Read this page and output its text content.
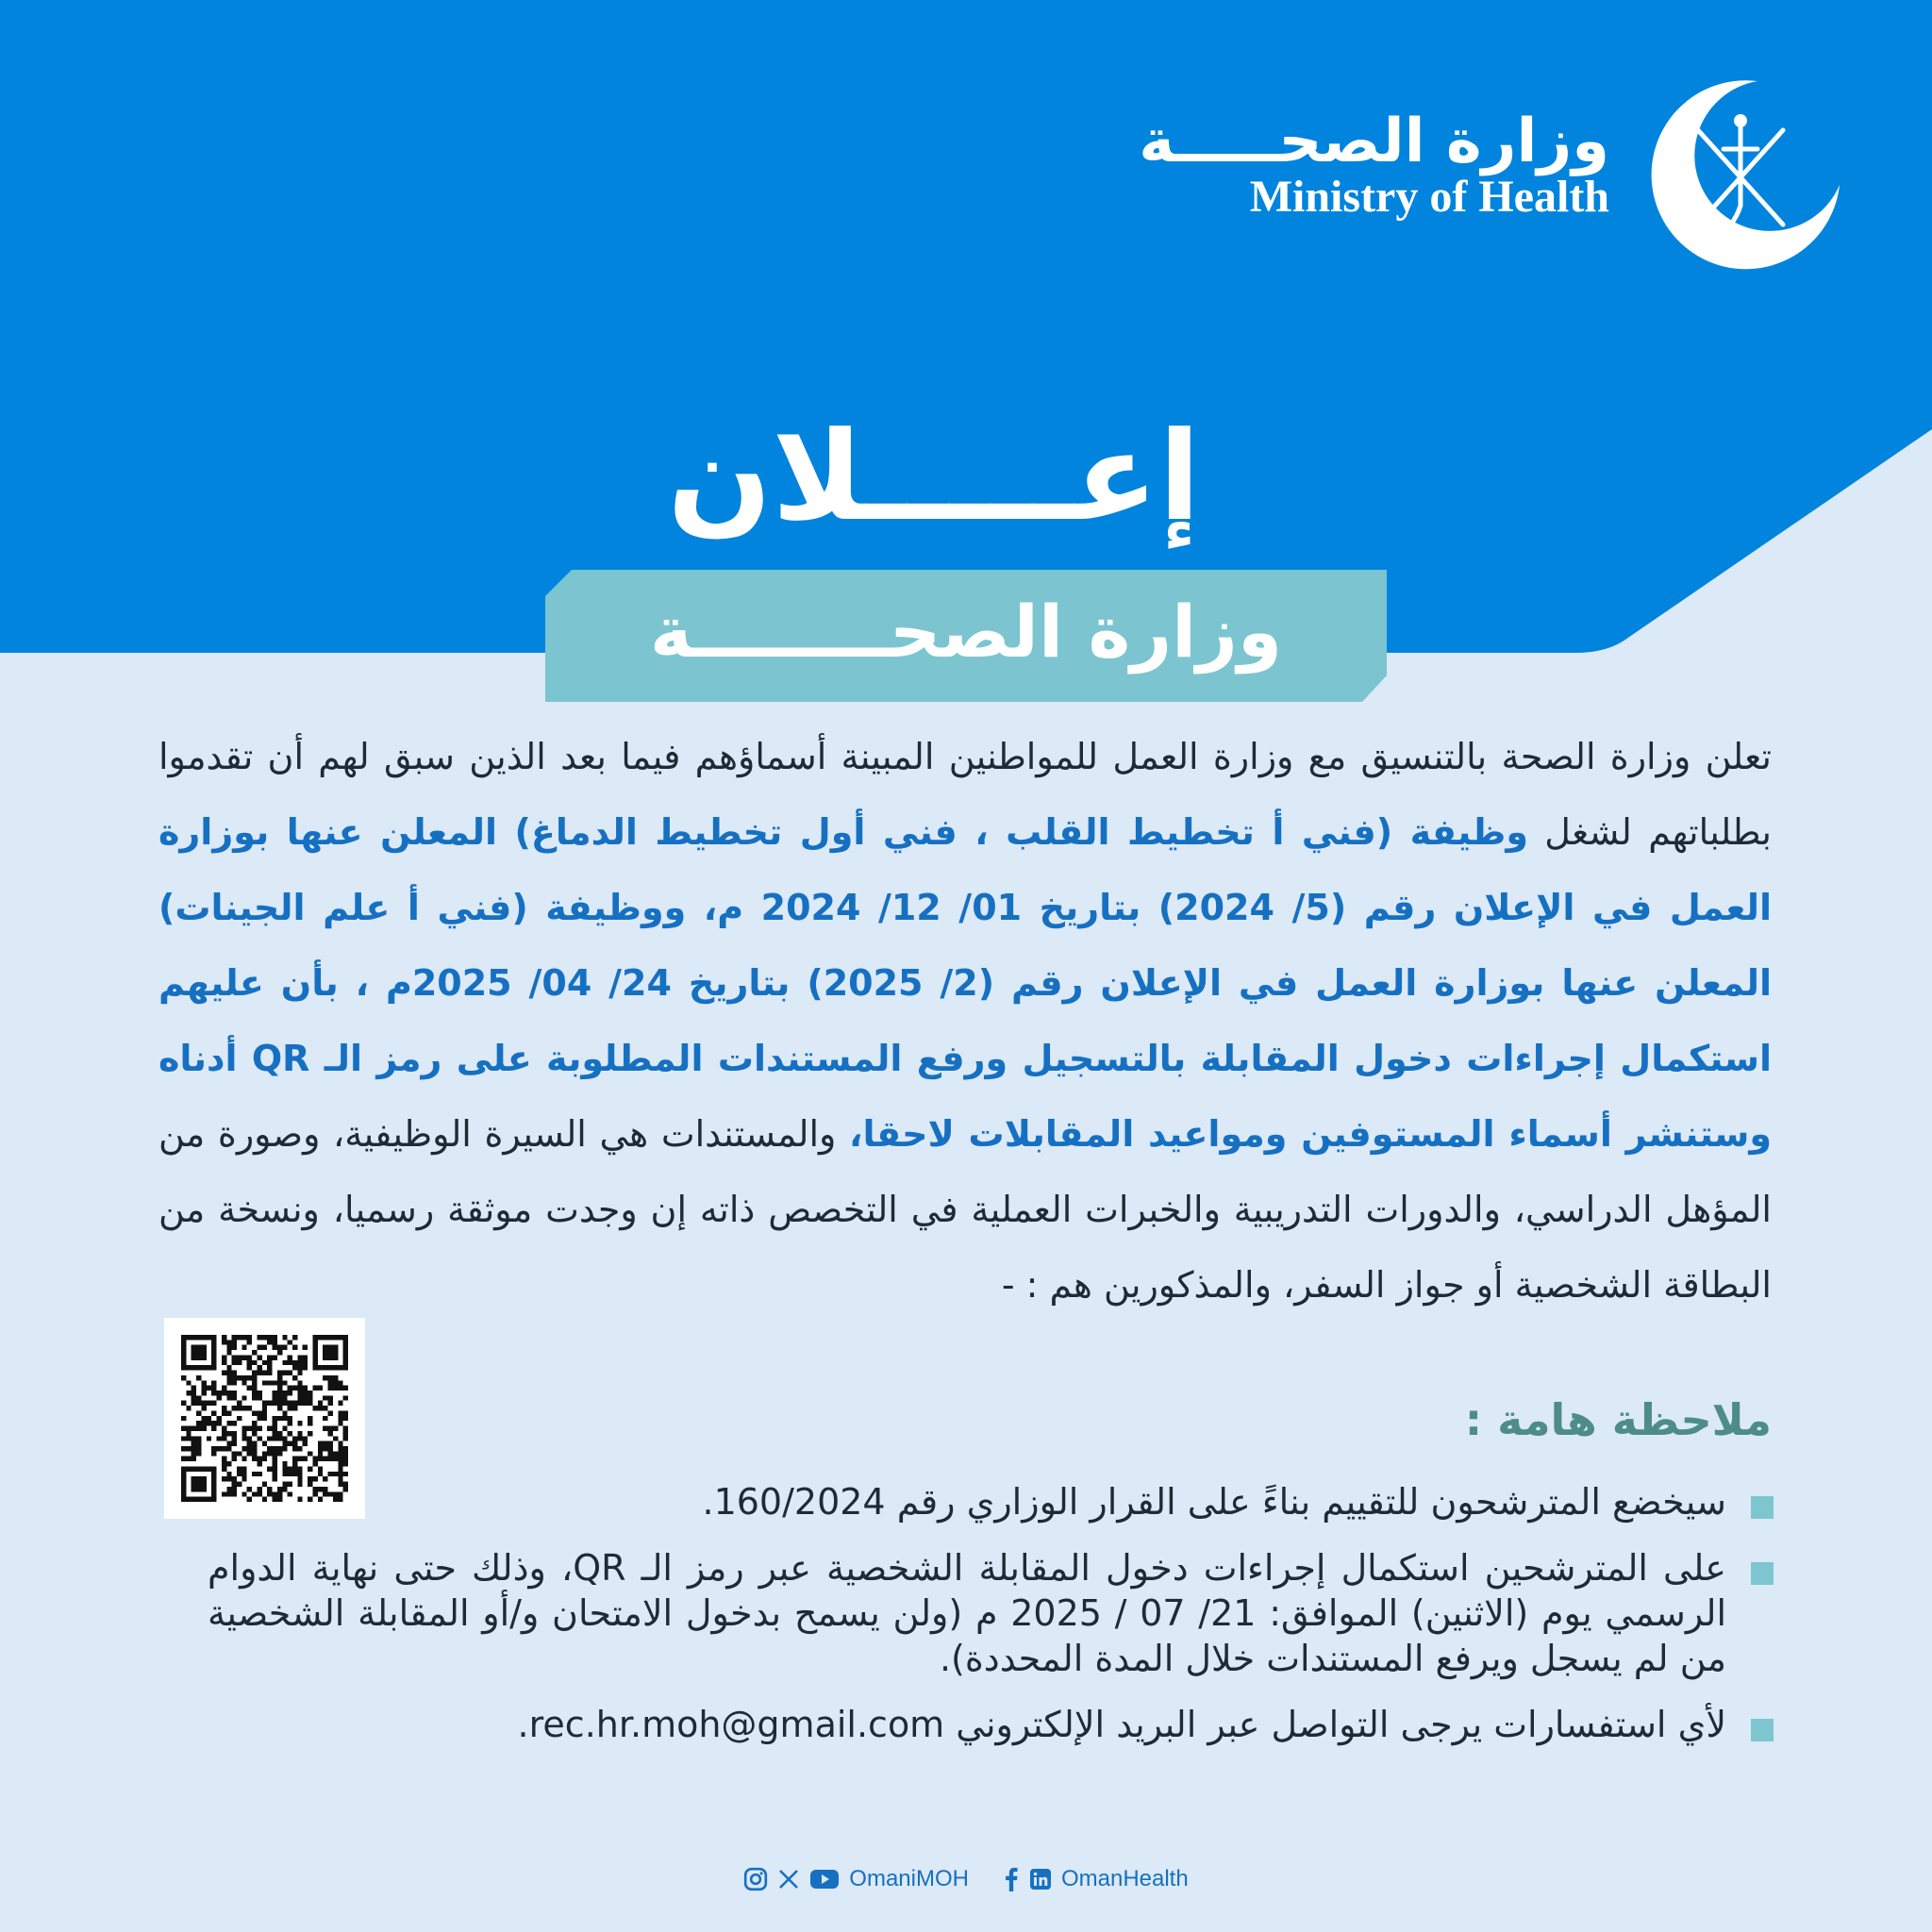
وزارة الصحـــــة
Ministry of Health
إعـــــلان
وزارة الصحــــــــة
تعلن وزارة الصحة بالتنسيق مع وزارة العمل للمواطنين المبينة أسماؤهم فيما بعد الذين سبق لهم أن تقدموا بطلباتهم لشغل وظيفة (فني أ تخطيط القلب ، فني أول تخطيط الدماغ) المعلن عنها بوزارة العمل في الإعلان رقم (5/ 2024) بتاريخ 01/ 12/ 2024 م، ووظيفة (فني أ علم الجينات) المعلن عنها بوزارة العمل في الإعلان رقم (2/ 2025) بتاريخ 24/ 04/ 2025م ، بأن عليهم استكمال إجراءات دخول المقابلة بالتسجيل ورفع المستندات المطلوبة على رمز الـ QR أدناه وستنشر أسماء المستوفين ومواعيد المقابلات لاحقا، والمستندات هي السيرة الوظيفية، وصورة من المؤهل الدراسي، والدورات التدريبية والخبرات العملية في التخصص ذاته إن وجدت موثقة رسميا، ونسخة من البطاقة الشخصية أو جواز السفر، والمذكورين هم : -
ملاحظة هامة :
سيخضع المترشحون للتقييم بناءً على القرار الوزاري رقم 160/2024.
على المترشحين استكمال إجراءات دخول المقابلة الشخصية عبر رمز الـ QR، وذلك حتى نهاية الدوام الرسمي يوم (الاثنين) الموافق: 21/ 07 / 2025 م (ولن يسمح بدخول الامتحان و/أو المقابلة الشخصية من لم يسجل ويرفع المستندات خلال المدة المحددة).
لأي استفسارات يرجى التواصل عبر البريد الإلكتروني rec.hr.moh@gmail.com.
OmaniMOH	OmanHealth
